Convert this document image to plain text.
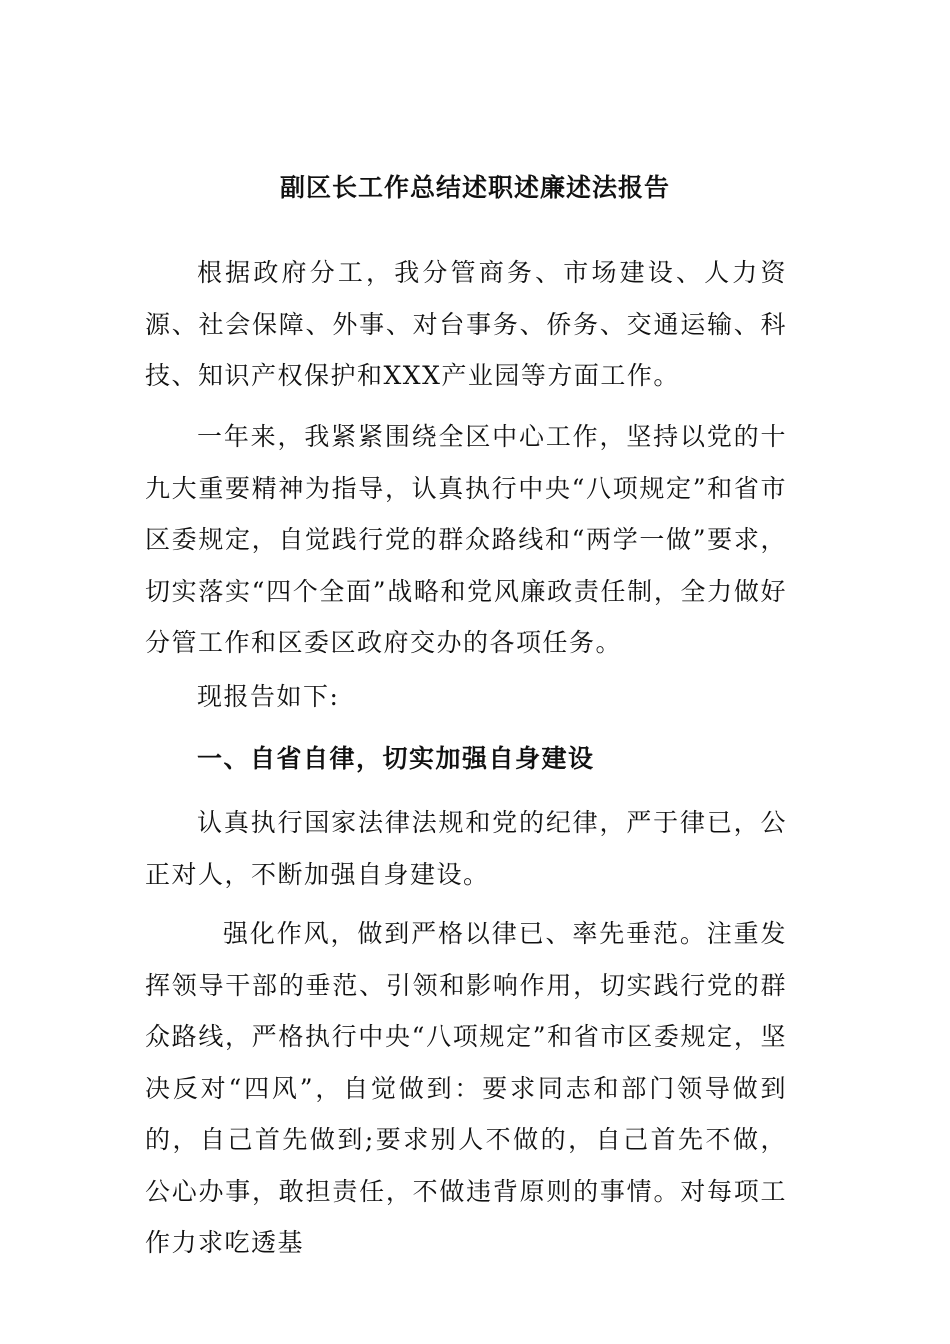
副区长工作总结述职述廉述法报告

根据政府分工，我分管商务、市场建设、人力资源、社会保障、外事、对台事务、侨务、交通运输、科技、知识产权保护和XXX产业园等方面工作。

一年来，我紧紧围绕全区中心工作，坚持以党的十九大重要精神为指导，认真执行中央“八项规定”和省市区委规定，自觉践行党的群众路线和“两学一做”要求，切实落实“四个全面”战略和党风廉政责任制，全力做好分管工作和区委区政府交办的各项任务。

现报告如下:

一、自省自律，切实加强自身建设

认真执行国家法律法规和党的纪律，严于律已，公正对人，不断加强自身建设。

强化作风，做到严格以律已、率先垂范。注重发挥领导干部的垂范、引领和影响作用，切实践行党的群众路线，严格执行中央“八项规定”和省市区委规定，坚决反对“四风”，自觉做到：要求同志和部门领导做到的，自己首先做到;要求别人不做的，自己首先不做，公心办事，敢担责任，不做违背原则的事情。对每项工作力求吃透基
